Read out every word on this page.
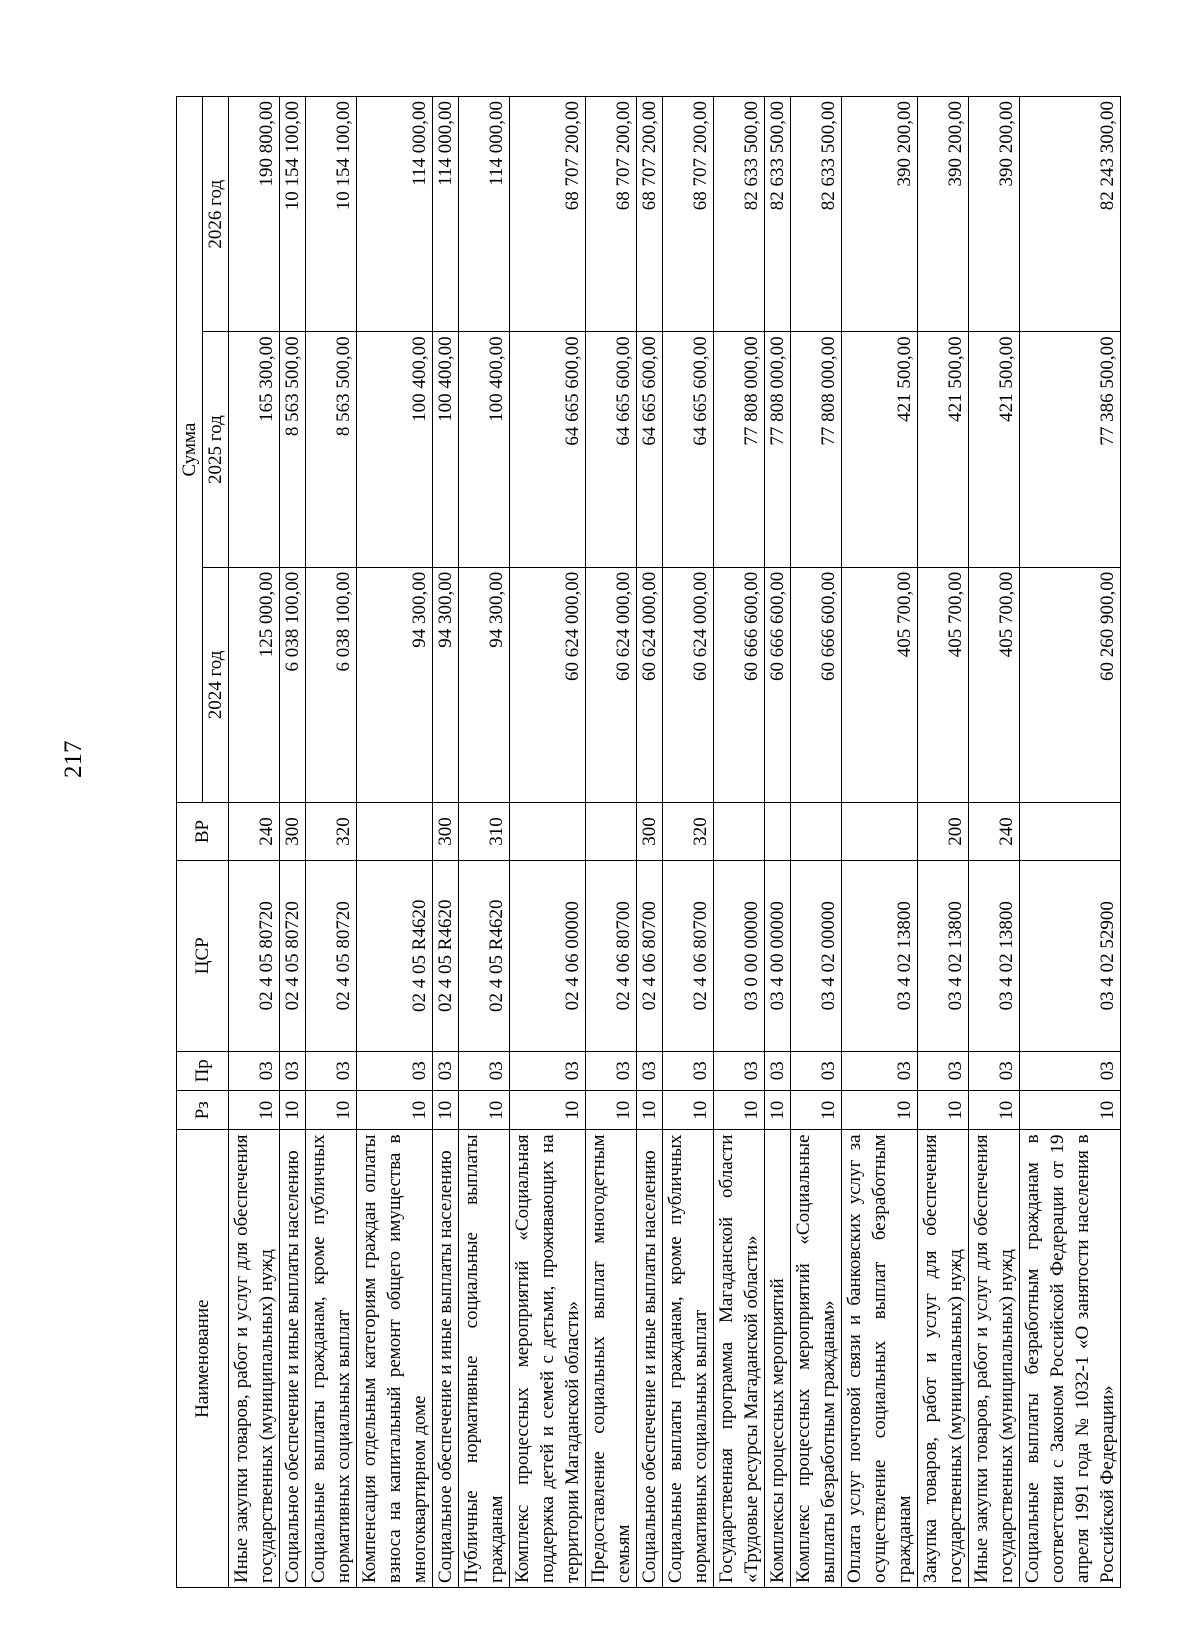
217
Наименование	Рз	Пр	ЦСР	ВР	Сумма		
					2024 год	2025 год	2026 год
Иные закупки товаров, работ и услуг для обеспечения государственных (муниципальных) нужд	10	03	02 4 05 80720	240	125 000,00	165 300,00	190 800,00
Социальное обеспечение и иные выплаты населению	10	03	02 4 05 80720	300	6 038 100,00	8 563 500,00	10 154 100,00
Социальные выплаты гражданам, кроме публичных нормативных социальных выплат	10	03	02 4 05 80720	320	6 038 100,00	8 563 500,00	10 154 100,00
Компенсация отдельным категориям граждан оплаты взноса на капитальный ремонт общего имущества в многоквартирном доме	10	03	02 4 05 R4620		94 300,00	100 400,00	114 000,00
Социальное обеспечение и иные выплаты населению	10	03	02 4 05 R4620	300	94 300,00	100 400,00	114 000,00
Публичные нормативные социальные выплаты гражданам	10	03	02 4 05 R4620	310	94 300,00	100 400,00	114 000,00
Комплекс процессных мероприятий «Социальная поддержка детей и семей с детьми, проживающих на территории Магаданской области»	10	03	02 4 06 00000		60 624 000,00	64 665 600,00	68 707 200,00
Предоставление социальных выплат многодетным семьям	10	03	02 4 06 80700		60 624 000,00	64 665 600,00	68 707 200,00
Социальное обеспечение и иные выплаты населению	10	03	02 4 06 80700	300	60 624 000,00	64 665 600,00	68 707 200,00
Социальные выплаты гражданам, кроме публичных нормативных социальных выплат	10	03	02 4 06 80700	320	60 624 000,00	64 665 600,00	68 707 200,00
Государственная программа Магаданской области «Трудовые ресурсы Магаданской области»	10	03	03 0 00 00000		60 666 600,00	77 808 000,00	82 633 500,00
Комплексы процессных мероприятий	10	03	03 4 00 00000		60 666 600,00	77 808 000,00	82 633 500,00
Комплекс процессных мероприятий «Социальные выплаты безработным гражданам»	10	03	03 4 02 00000		60 666 600,00	77 808 000,00	82 633 500,00
Оплата услуг почтовой связи и банковских услуг за осуществление социальных выплат безработным гражданам	10	03	03 4 02 13800		405 700,00	421 500,00	390 200,00
Закупка товаров, работ и услуг для обеспечения государственных (муниципальных) нужд	10	03	03 4 02 13800	200	405 700,00	421 500,00	390 200,00
Иные закупки товаров, работ и услуг для обеспечения государственных (муниципальных) нужд	10	03	03 4 02 13800	240	405 700,00	421 500,00	390 200,00
Социальные выплаты безработным гражданам в соответствии с Законом Российской Федерации от 19 апреля 1991 года № 1032-1 «О занятости населения в Российской Федерации»	10	03	03 4 02 52900		60 260 900,00	77 386 500,00	82 243 300,00
